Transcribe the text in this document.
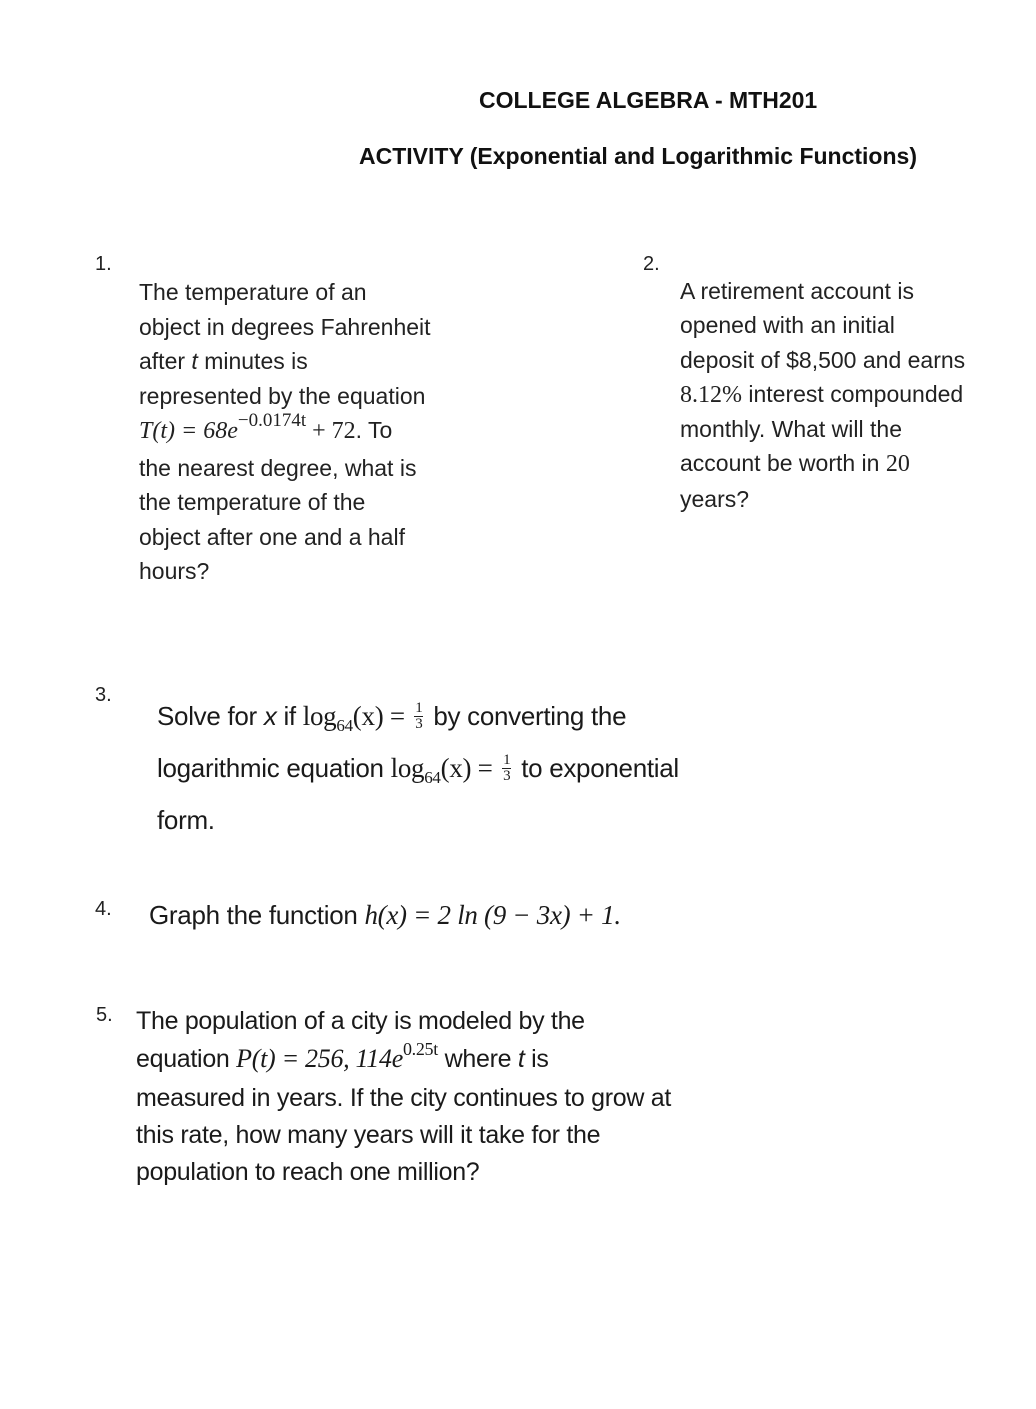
COLLEGE ALGEBRA - MTH201
ACTIVITY (Exponential and Logarithmic Functions)
1.
The temperature of an
object in degrees Fahrenheit
after t minutes is
represented by the equation
$T(t) = 68e^{-0.0174t} + 72$. To
the nearest degree, what is
the temperature of the
object after one and a half
hours?
2.
A retirement account is
opened with an initial
deposit of $8,500 and earns
8.12% interest compounded
monthly. What will the
account be worth in 20
years?
3.
Solve for x if $\log_{64}(x) = \frac{1}{3}$ by converting the
logarithmic equation $\log_{64}(x) = \frac{1}{3}$ to exponential
form.
4. Graph the function h(x) = 2 ln (9 − 3x) + 1.
5. The population of a city is modeled by the
equation P(t) = 256, $114e^{0.25t}$ where t is
measured in years. If the city continues to grow at
this rate, how many years will it take for the
population to reach one million?
